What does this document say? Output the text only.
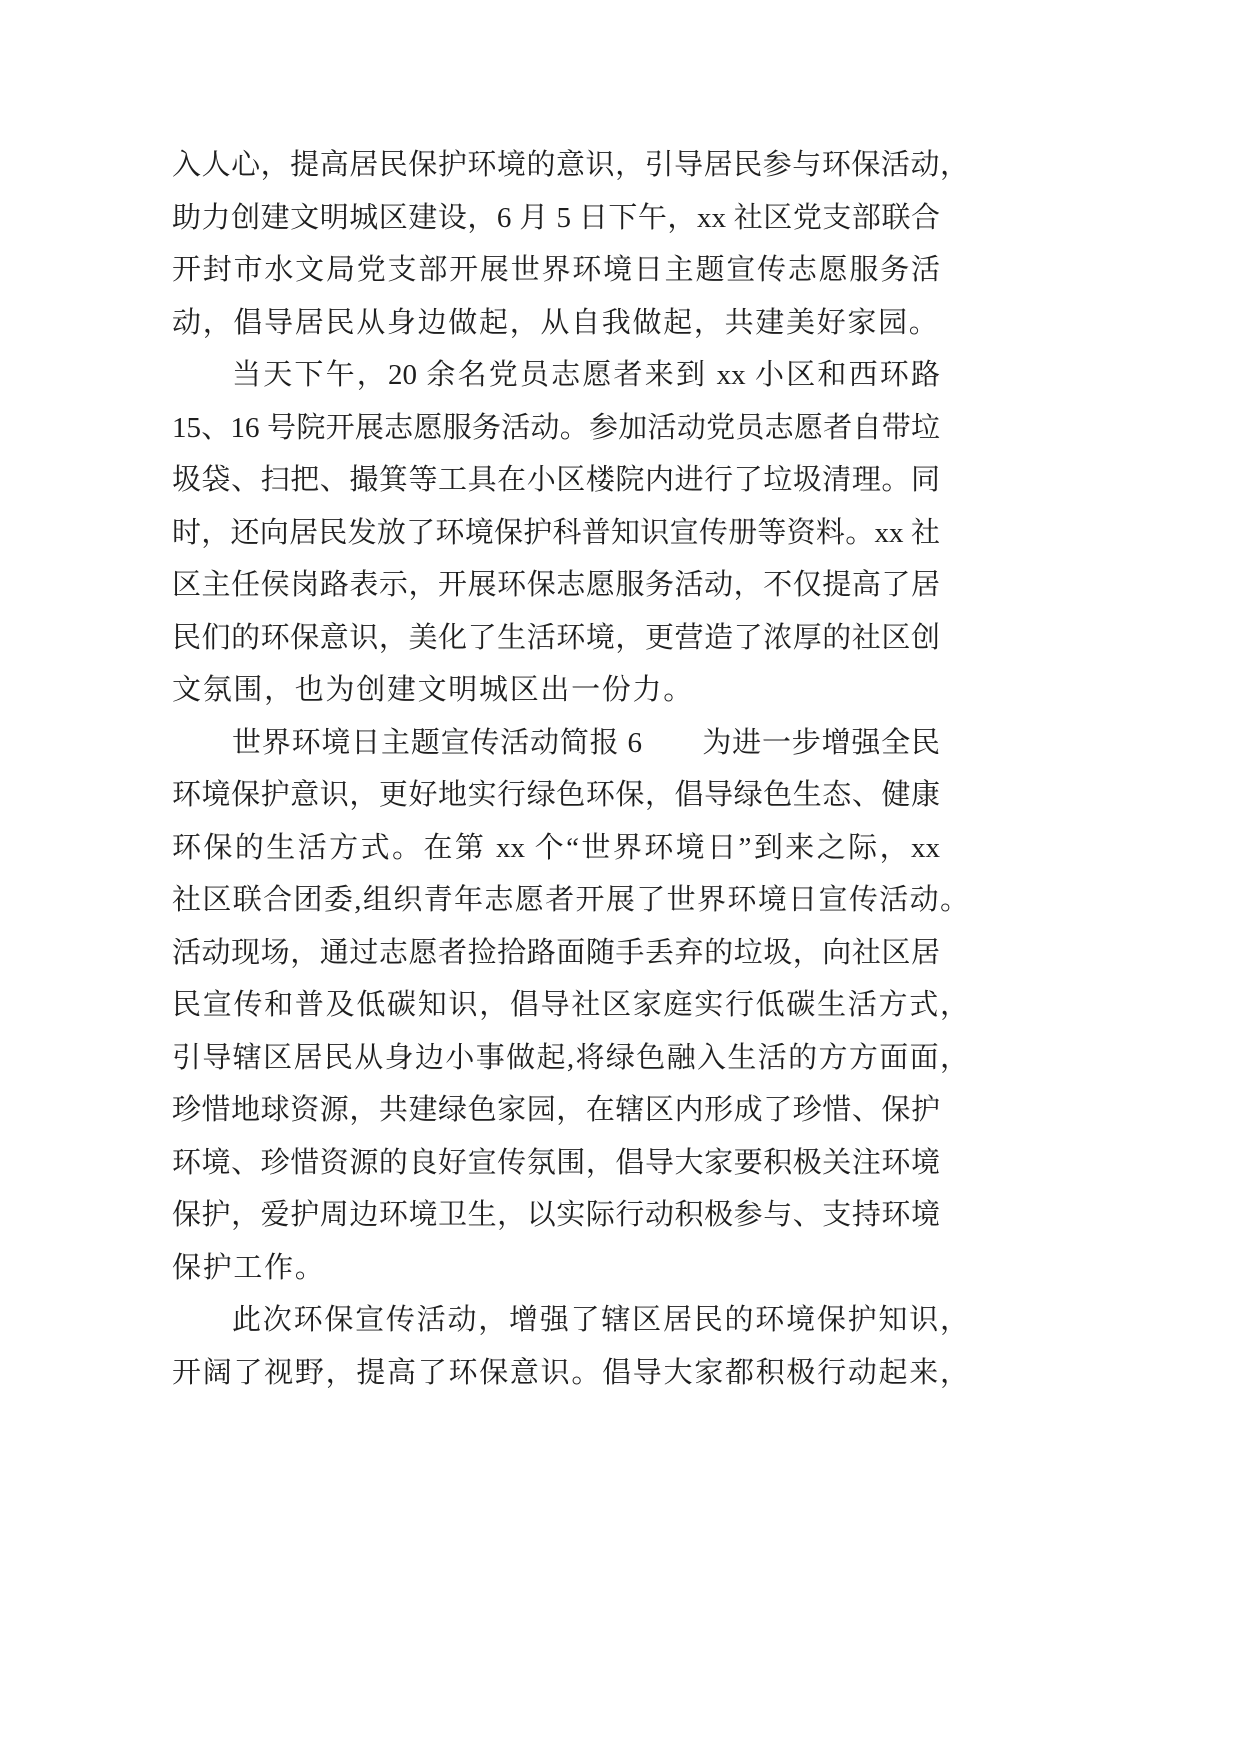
入人心，提高居民保护环境的意识，引导居民参与环保活动，
助力创建文明城区建设，6 月 5 日下午，xx 社区党支部联合
开封市水文局党支部开展世界环境日主题宣传志愿服务活
动，倡导居民从身边做起，从自我做起，共建美好家园。
当天下午，20 余名党员志愿者来到 xx 小区和西环路
15、16 号院开展志愿服务活动。参加活动党员志愿者自带垃
圾袋、扫把、撮箕等工具在小区楼院内进行了垃圾清理。同
时，还向居民发放了环境保护科普知识宣传册等资料。xx 社
区主任侯岗路表示，开展环保志愿服务活动，不仅提高了居
民们的环保意识，美化了生活环境，更营造了浓厚的社区创
文氛围，也为创建文明城区出一份力。
世界环境日主题宣传活动简报 6　　为进一步增强全民
环境保护意识，更好地实行绿色环保，倡导绿色生态、健康
环保的生活方式。在第 xx 个“世界环境日”到来之际，xx
社区联合团委,组织青年志愿者开展了世界环境日宣传活动。
活动现场，通过志愿者捡拾路面随手丢弃的垃圾，向社区居
民宣传和普及低碳知识，倡导社区家庭实行低碳生活方式，
引导辖区居民从身边小事做起,将绿色融入生活的方方面面，
珍惜地球资源，共建绿色家园，在辖区内形成了珍惜、保护
环境、珍惜资源的良好宣传氛围，倡导大家要积极关注环境
保护，爱护周边环境卫生，以实际行动积极参与、支持环境
保护工作。
此次环保宣传活动，增强了辖区居民的环境保护知识，
开阔了视野，提高了环保意识。倡导大家都积极行动起来，
